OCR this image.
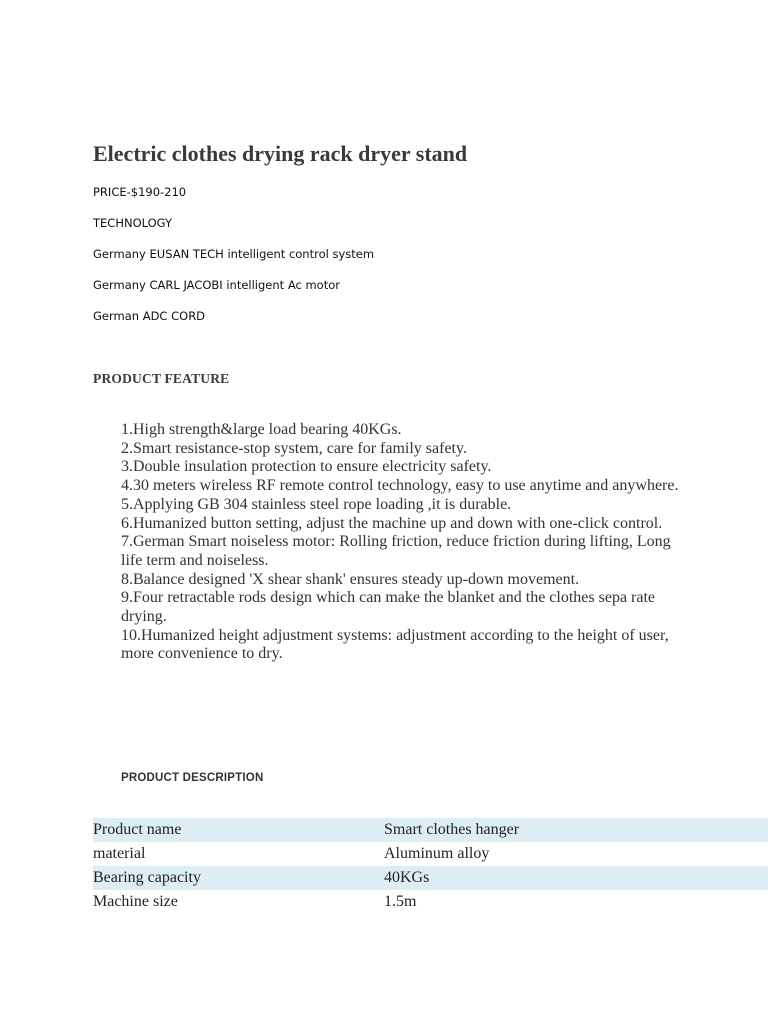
Electric clothes drying rack dryer stand

PRICE-$190-210

TECHNOLOGY

Germany EUSAN TECH intelligent control system

Germany CARL JACOBI intelligent Ac motor

German ADC CORD

PRODUCT FEATURE
1.High strength&large load bearing 40KGs.
2.Smart resistance-stop system, care for family safety.
3.Double insulation protection to ensure electricity safety.
4.30 meters wireless RF remote control technology, easy to use anytime and anywhere.
5.Applying GB 304 stainless steel rope loading ,it is durable.
6.Humanized button setting, adjust the machine up and down with one-click control.
7.German Smart noiseless motor: Rolling friction, reduce friction during lifting, Long life term and noiseless.
8.Balance designed 'X shear shank' ensures steady up-down movement.
9.Four retractable rods design which can make the blanket and the clothes sepa rate drying.
10.Humanized height adjustment systems: adjustment according to the height of user, more convenience to dry.
PRODUCT DESCRIPTION
Product name	Smart clothes hanger
material	Aluminum alloy
Bearing capacity	40KGs
Machine size	1.5m
